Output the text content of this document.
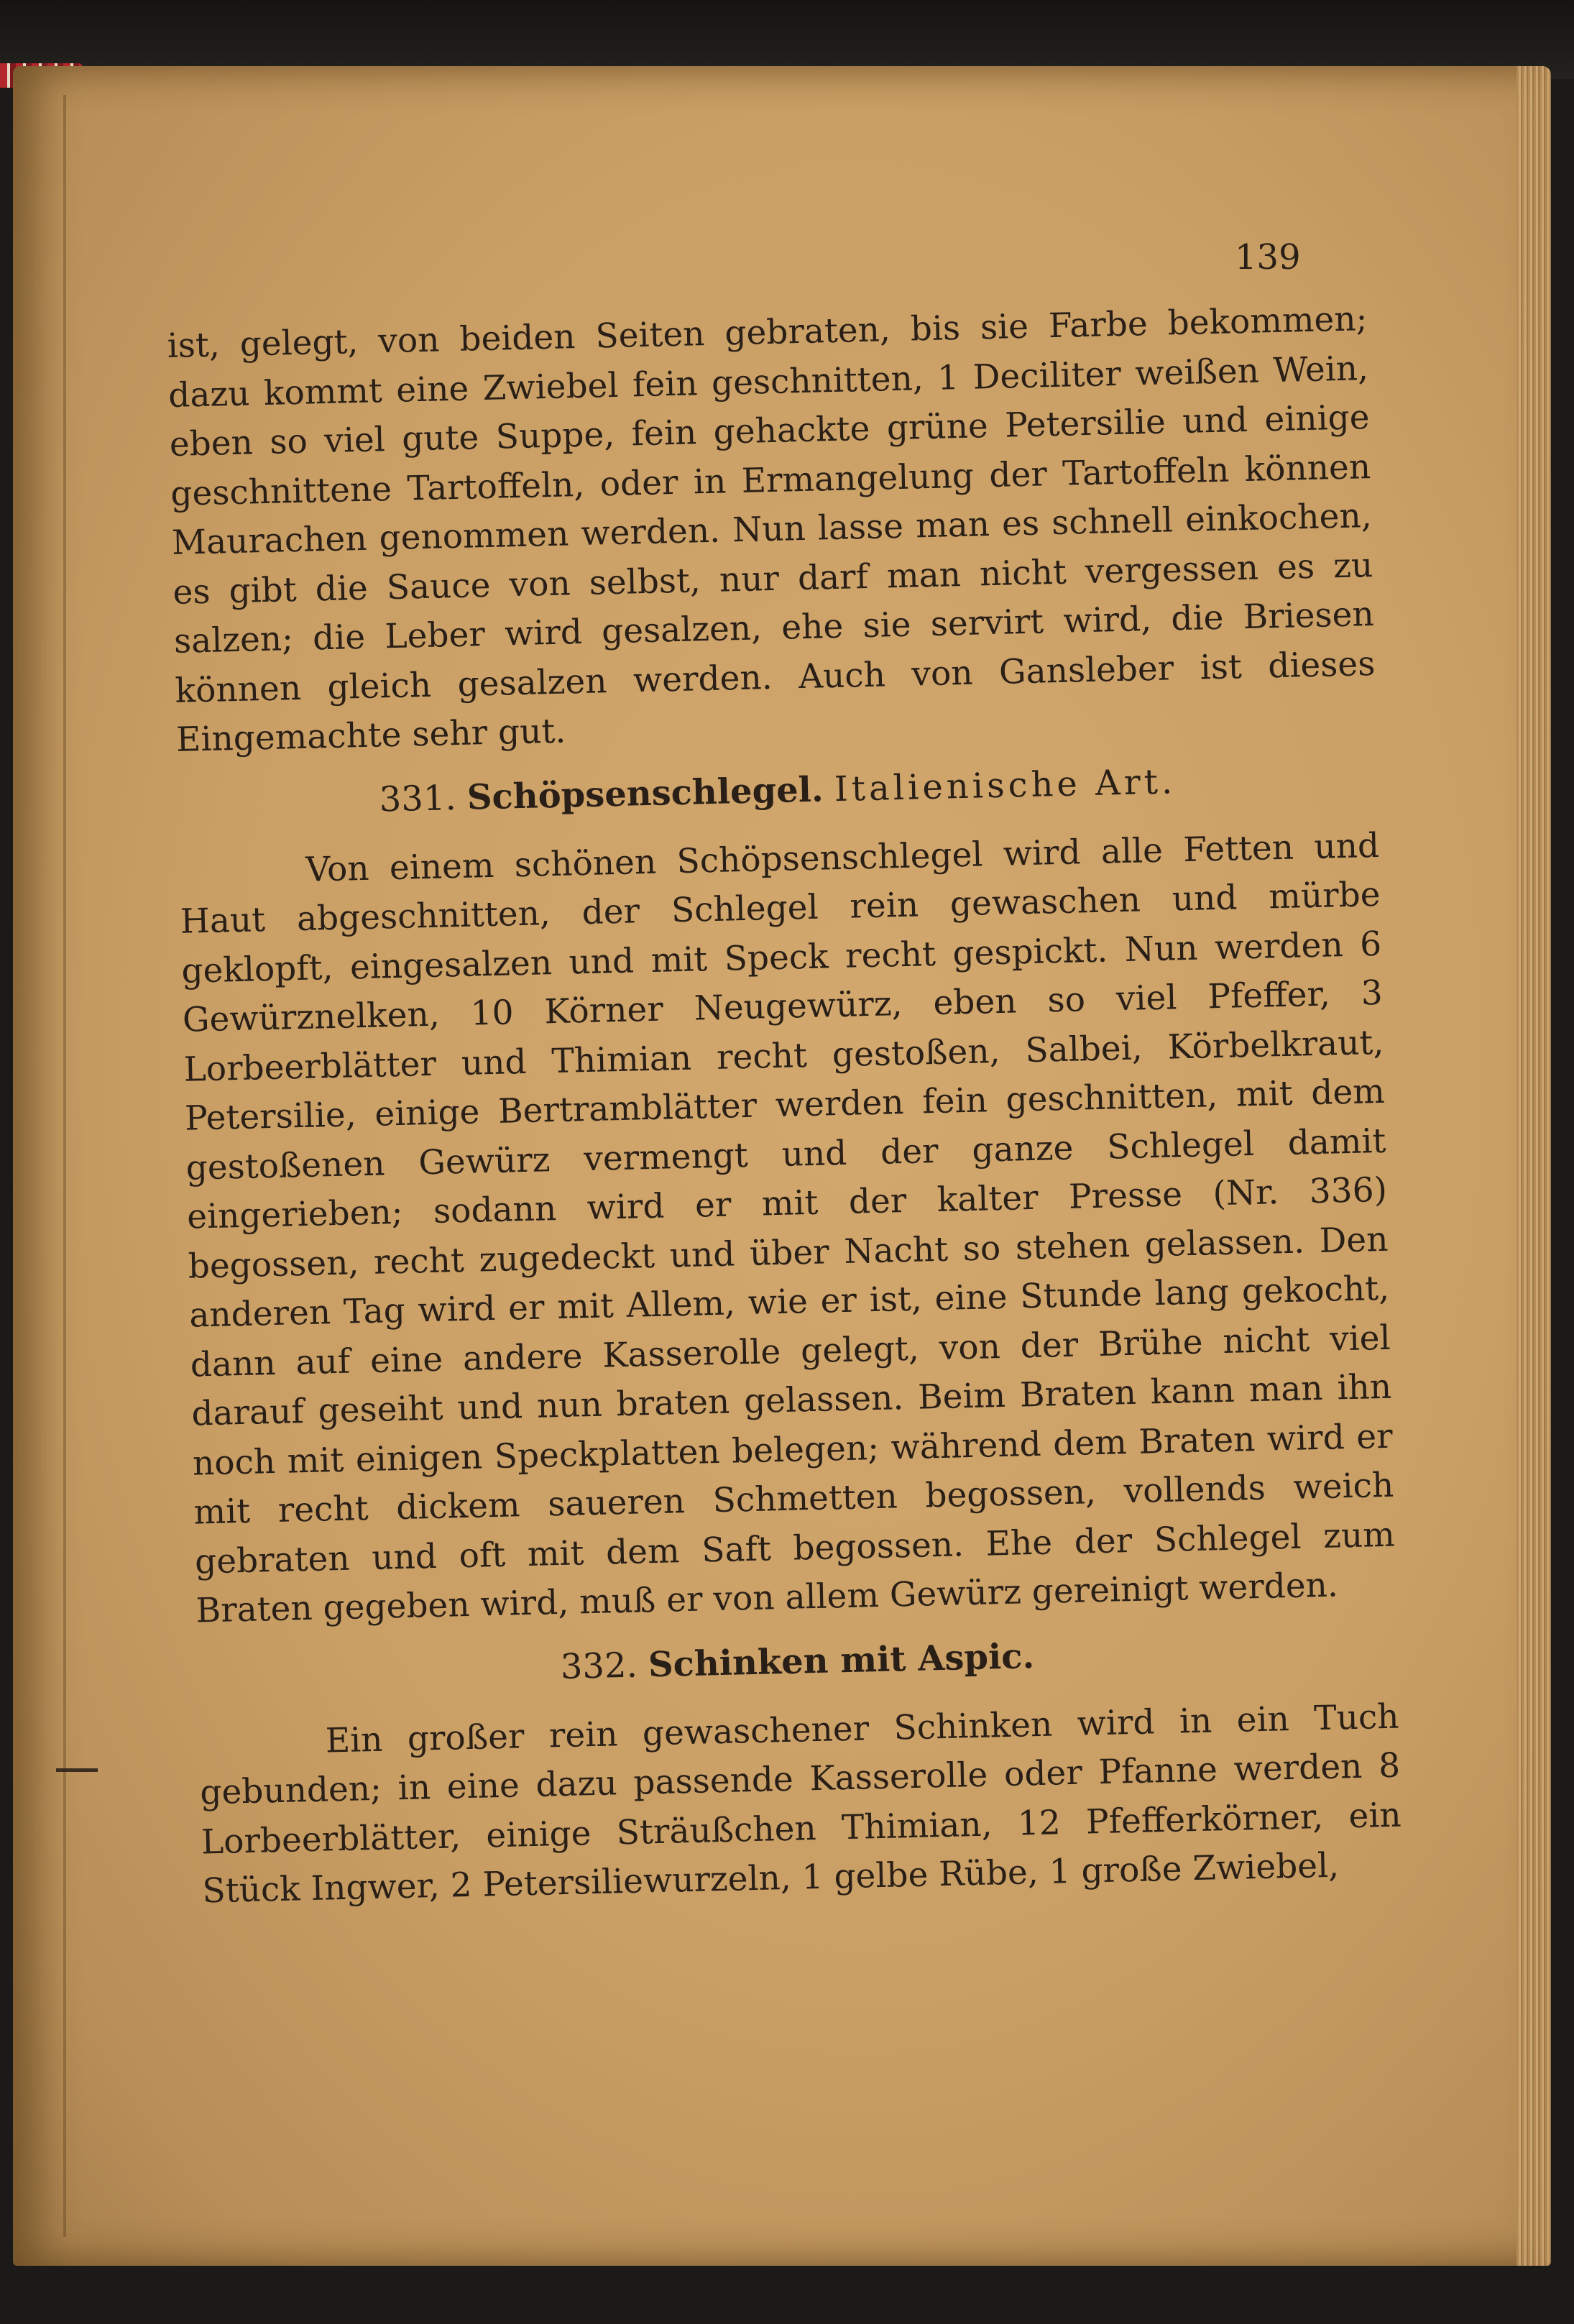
139

ist, gelegt, von beiden Seiten gebraten, bis sie Farbe bekommen; dazu kommt eine Zwiebel fein geschnitten, 1 Deciliter weißen Wein, eben so viel gute Suppe, fein gehackte grüne Petersilie und einige geschnittene Tartoffeln, oder in Ermangelung der Tartoffeln können Maurachen genommen werden. Nun lasse man es schnell einkochen, es gibt die Sauce von selbst, nur darf man nicht vergessen es zu salzen; die Leber wird gesalzen, ehe sie servirt wird, die Briesen können gleich gesalzen werden. Auch von Gansleber ist dieses Eingemachte sehr gut.

331. Schöpsenschlegel. Italienische Art.

Von einem schönen Schöpsenschlegel wird alle Fetten und Haut abgeschnitten, der Schlegel rein gewaschen und mürbe geklopft, eingesalzen und mit Speck recht gespickt. Nun werden 6 Gewürznelken, 10 Körner Neugewürz, eben so viel Pfeffer, 3 Lorbeerblätter und Thimian recht gestoßen, Salbei, Körbelkraut, Petersilie, einige Bertramblätter werden fein geschnitten, mit dem gestoßenen Gewürz vermengt und der ganze Schlegel damit eingerieben; sodann wird er mit der kalter Presse (Nr. 336) begossen, recht zugedeckt und über Nacht so stehen gelassen. Den anderen Tag wird er mit Allem, wie er ist, eine Stunde lang gekocht, dann auf eine andere Kasserolle gelegt, von der Brühe nicht viel darauf geseiht und nun braten gelassen. Beim Braten kann man ihn noch mit einigen Speckplatten belegen; während dem Braten wird er mit recht dickem saueren Schmetten begossen, vollends weich gebraten und oft mit dem Saft begossen. Ehe der Schlegel zum Braten gegeben wird, muß er von allem Gewürz gereinigt werden.

332. Schinken mit Aspic.

Ein großer rein gewaschener Schinken wird in ein Tuch gebunden; in eine dazu passende Kasserolle oder Pfanne werden 8 Lorbeerblätter, einige Sträußchen Thimian, 12 Pfefferkörner, ein Stück Ingwer, 2 Petersiliewurzeln, 1 gelbe Rübe, 1 große Zwiebel,
